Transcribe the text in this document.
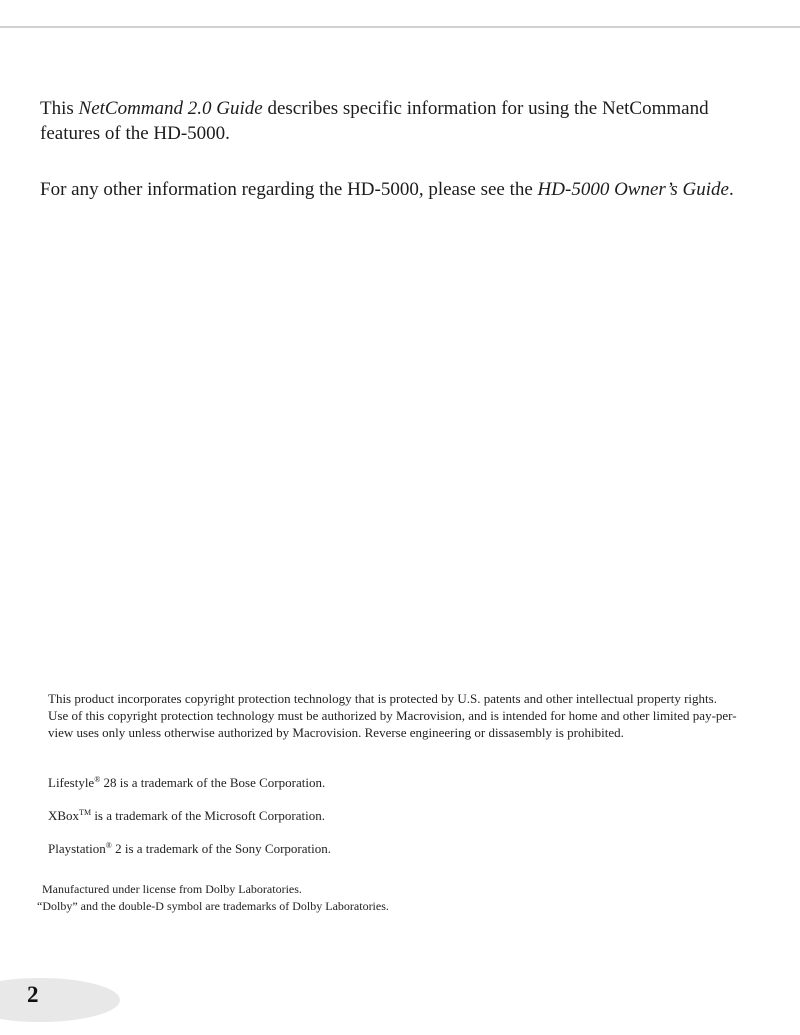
This NetCommand 2.0 Guide describes specific information for using the NetCommand features of the HD-5000.

For any other information regarding the HD-5000, please see the HD-5000 Owner’s Guide.

This product incorporates copyright protection technology that is protected by U.S. patents and other intellectual property rights. Use of this copyright protection technology must be authorized by Macrovision, and is intended for home and other limited pay-per-view uses only unless otherwise authorized by Macrovision. Reverse engineering or dissasembly is prohibited.

Lifestyle® 28 is a trademark of the Bose Corporation.

XBox™ is a trademark of the Microsoft Corporation.

Playstation® 2 is a trademark of the Sony Corporation.

Manufactured under license from Dolby Laboratories.

“Dolby” and the double-D symbol are trademarks of Dolby Laboratories.

2
